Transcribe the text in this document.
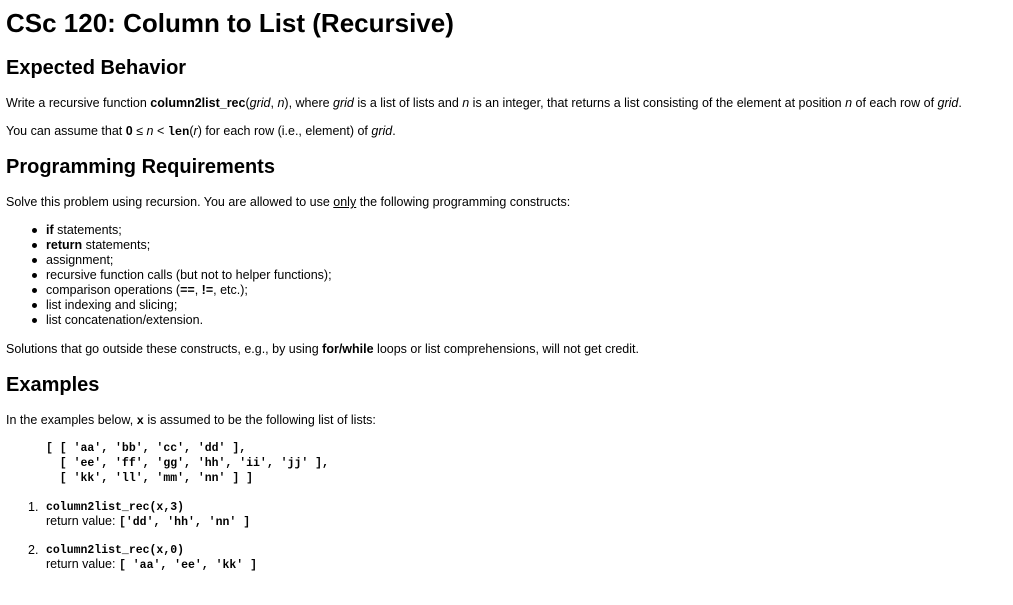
CSc 120: Column to List (Recursive)
Expected Behavior

Write a recursive function column2list_rec(grid, n), where grid is a list of lists and n is an integer, that returns a list consisting of the element at position n of each row of grid.

You can assume that 0 ≤ n < len(r) for each row (i.e., element) of grid.

Programming Requirements

Solve this problem using recursion. You are allowed to use only the following programming constructs:

if statements;
return statements;
assignment;
recursive function calls (but not to helper functions);
comparison operations (==, !=, etc.);
list indexing and slicing;
list concatenation/extension.

Solutions that go outside these constructs, e.g., by using for/while loops or list comprehensions, will not get credit.

Examples

In the examples below, x is assumed to be the following list of lists:

[ [ 'aa', 'bb', 'cc', 'dd' ],
[ 'ee', 'ff', 'gg', 'hh', 'ii', 'jj' ],
[ 'kk', 'll', 'mm', 'nn' ] ]
1. column2list_rec(x,3)
return value: ['dd', 'hh', 'nn' ]
2. column2list_rec(x,0)
return value: [ 'aa', 'ee', 'kk' ]
